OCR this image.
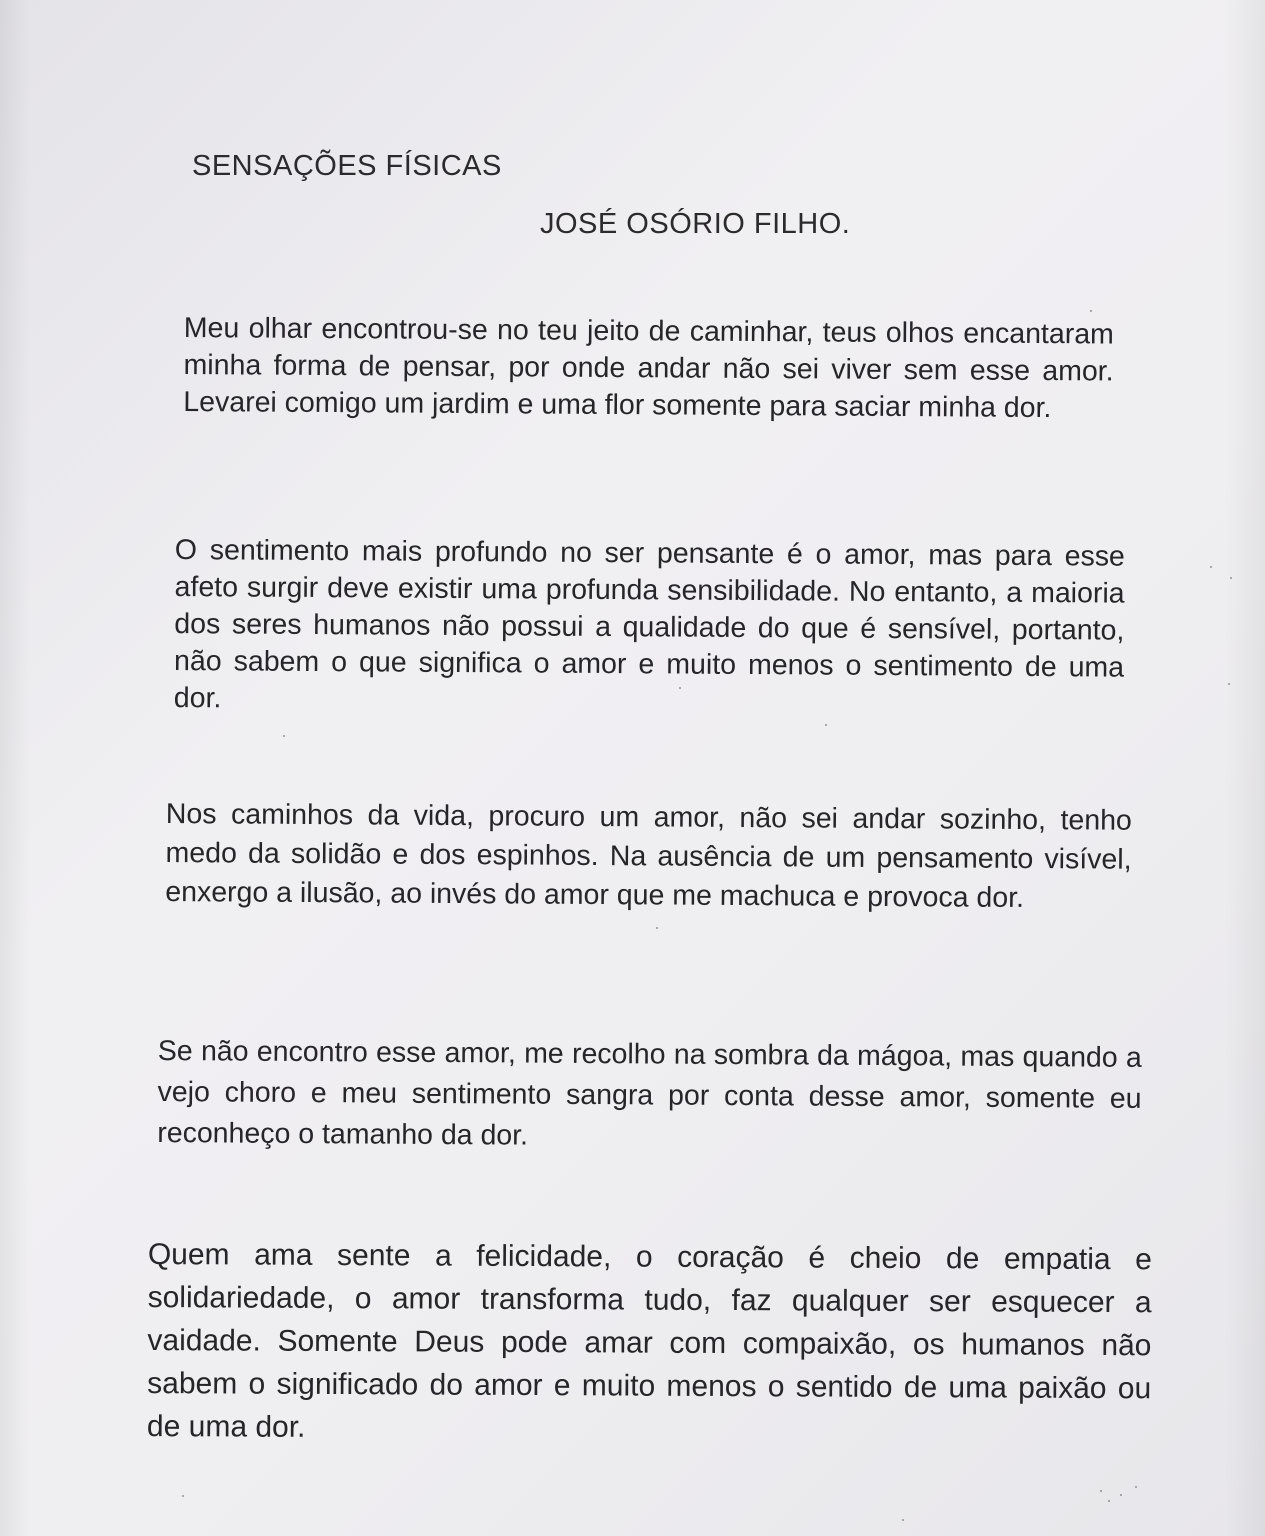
SENSAÇÕES FÍSICAS
JOSÉ OSÓRIO FILHO.

Meu olhar encontrou-se no teu jeito de caminhar, teus olhos encantaram minha forma de pensar, por onde andar não sei viver sem esse amor. Levarei comigo um jardim e uma flor somente para saciar minha dor.

O sentimento mais profundo no ser pensante é o amor, mas para esse afeto surgir deve existir uma profunda sensibilidade. No entanto, a maioria dos seres humanos não possui a qualidade do que é sensível, portanto, não sabem o que significa o amor e muito menos o sentimento de uma dor.

Nos caminhos da vida, procuro um amor, não sei andar sozinho, tenho medo da solidão e dos espinhos. Na ausência de um pensamento visível, enxergo a ilusão, ao invés do amor que me machuca e provoca dor.

Se não encontro esse amor, me recolho na sombra da mágoa, mas quando a vejo choro e meu sentimento sangra por conta desse amor, somente eu reconheço o tamanho da dor.

Quem ama sente a felicidade, o coração é cheio de empatia e solidariedade, o amor transforma tudo, faz qualquer ser esquecer a vaidade. Somente Deus pode amar com compaixão, os humanos não sabem o significado do amor e muito menos o sentido de uma paixão ou de uma dor.
